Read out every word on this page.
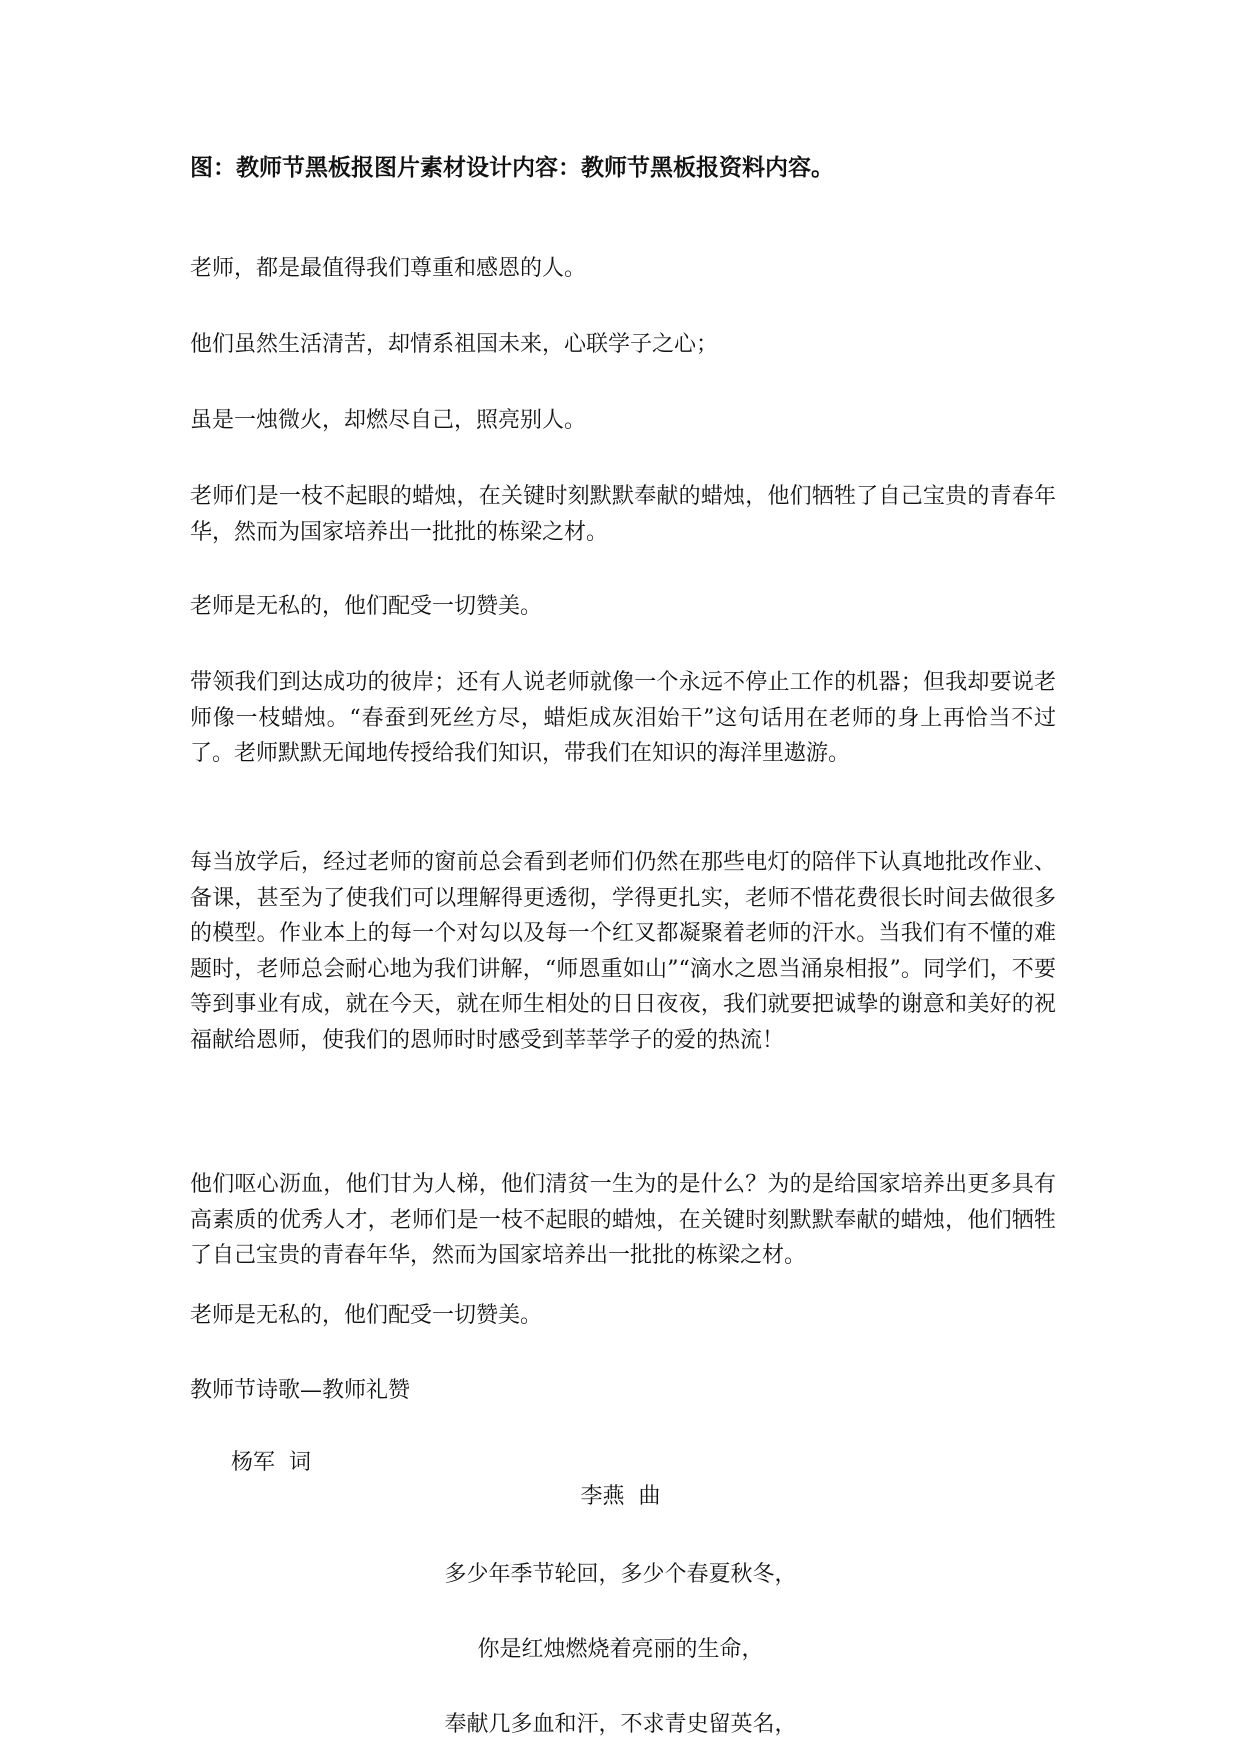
图：教师节黑板报图片素材设计内容：教师节黑板报资料内容。

老师，都是最值得我们尊重和感恩的人。

他们虽然生活清苦，却情系祖国未来，心联学子之心；

虽是一烛微火，却燃尽自己，照亮别人。

老师们是一枝不起眼的蜡烛，在关键时刻默默奉献的蜡烛，他们牺牲了自己宝贵的青春年华，然而为国家培养出一批批的栋梁之材。

老师是无私的，他们配受一切赞美。

带领我们到达成功的彼岸；还有人说老师就像一个永远不停止工作的机器；但我却要说老师像一枝蜡烛。“春蚕到死丝方尽，蜡炬成灰泪始干”这句话用在老师的身上再恰当不过了。老师默默无闻地传授给我们知识，带我们在知识的海洋里遨游。

每当放学后，经过老师的窗前总会看到老师们仍然在那些电灯的陪伴下认真地批改作业、备课，甚至为了使我们可以理解得更透彻，学得更扎实，老师不惜花费很长时间去做很多的模型。作业本上的每一个对勾以及每一个红叉都凝聚着老师的汗水。当我们有不懂的难题时，老师总会耐心地为我们讲解，“师恩重如山”“滴水之恩当涌泉相报”。同学们，不要等到事业有成，就在今天，就在师生相处的日日夜夜，我们就要把诚挚的谢意和美好的祝福献给恩师，使我们的恩师时时感受到莘莘学子的爱的热流！

他们呕心沥血，他们甘为人梯，他们清贫一生为的是什么？为的是给国家培养出更多具有高素质的优秀人才，老师们是一枝不起眼的蜡烛，在关键时刻默默奉献的蜡烛，他们牺牲了自己宝贵的青春年华，然而为国家培养出一批批的栋梁之材。

老师是无私的，他们配受一切赞美。

教师节诗歌—教师礼赞
杨军  词
李燕  曲
多少年季节轮回，多少个春夏秋冬，
你是红烛燃烧着亮丽的生命，
奉献几多血和汗，不求青史留英名，
